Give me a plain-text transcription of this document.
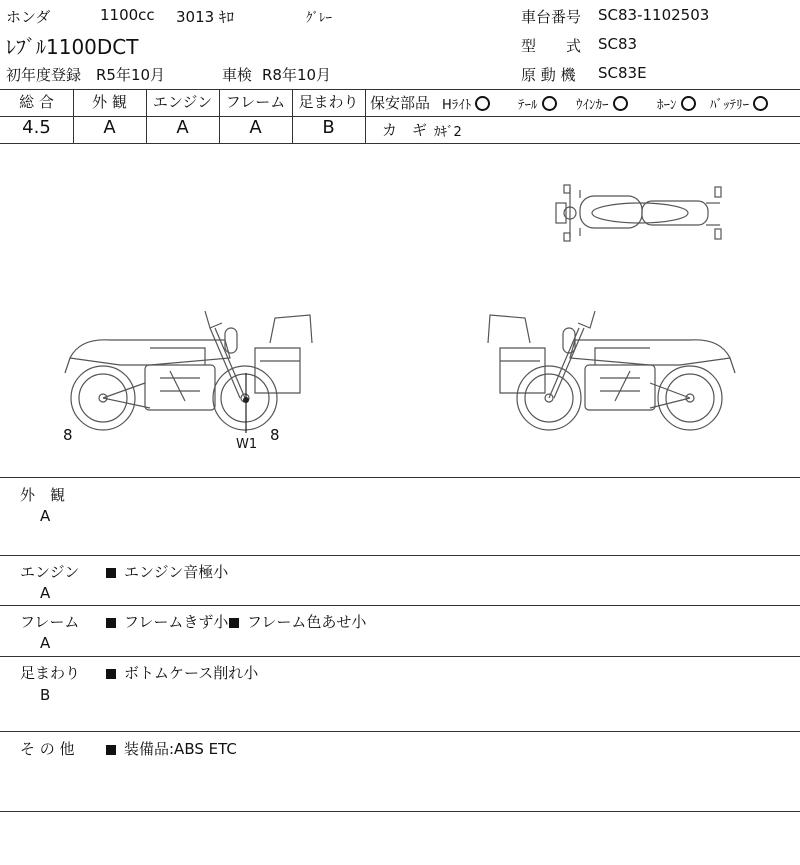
ホンダ	1100cc 3013 ｷﾛ	ｸﾞﾚｰ
ﾚﾌﾞﾙ1100DCT
初年度登録 R5年10月	車検 R8年10月
車台番号 SC83-1102503
型　　式 SC83
原 動 機 SC83E
総 合	外 観	エンジン フレーム 足まわり
4.5	A	A	A	B
保安部品 Hﾗｲﾄ	ﾃｰﾙ	ｳｲﾝｶｰ	ﾎｰﾝ	ﾊﾞｯﾃﾘｰ
カ　ギ ｶｷﾞ2
8	8
W1
外　観
A
エンジン
A
エンジン音極小
フレーム
A
フレームきず小	フレーム色あせ小
足まわり
B
ボトムケース削れ小
そ の 他	装備品:ABS ETC
